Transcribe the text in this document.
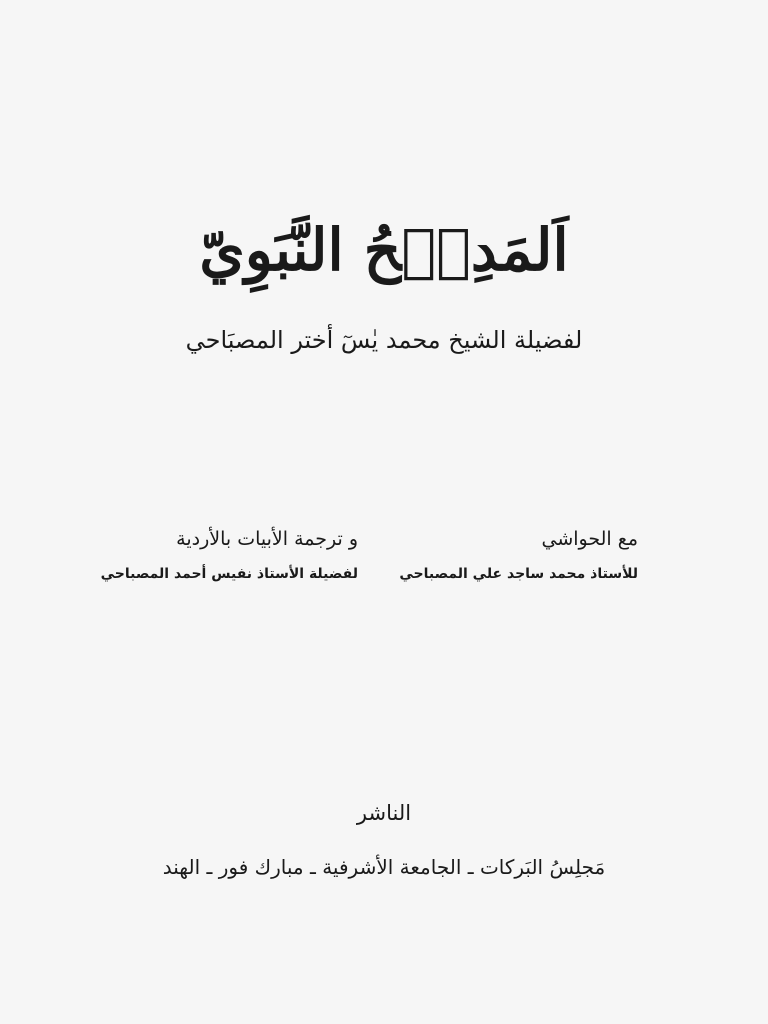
اَلمَدِيۡحُ النَّبَوِيّ
لفضيلة الشيخ محمد يٰسٓ أختر المصبَاحي
مع الحواشي
للأستاذ محمد ساجد علي المصباحي
و ترجمة الأبيات بالأردية
لفضيلة الأستاذ نفيس أحمد المصباحي
الناشر
مَجلِسُ البَركات ـ الجامعة الأشرفية ـ مبارك فور ـ الهند
